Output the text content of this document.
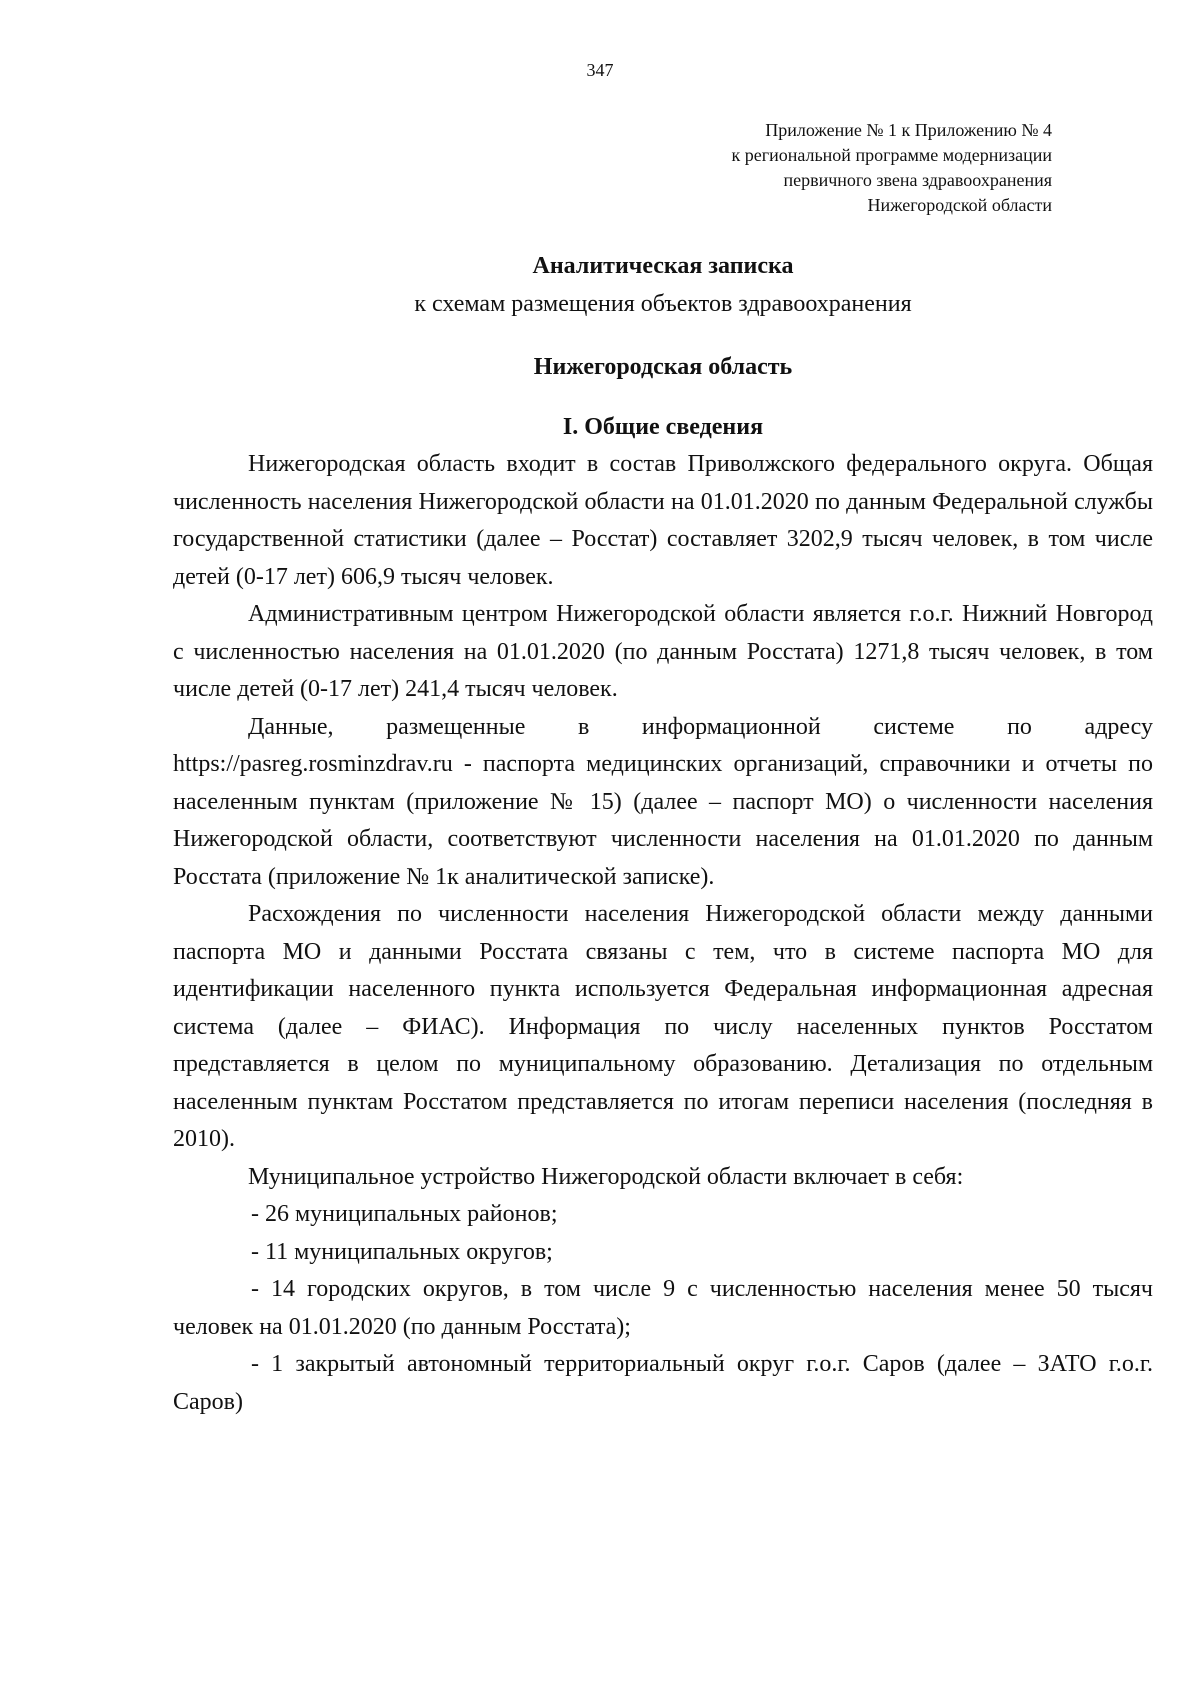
347
Приложение № 1 к Приложению № 4
к региональной программе модернизации
первичного звена здравоохранения
Нижегородской области
Аналитическая записка
к схемам размещения объектов здравоохранения
Нижегородская область
I. Общие сведения

Нижегородская область входит в состав Приволжского федерального округа. Общая численность населения Нижегородской области на 01.01.2020 по данным Федеральной службы государственной статистики (далее – Росстат) составляет 3202,9 тысяч человек, в том числе детей (0-17 лет) 606,9 тысяч человек.

Административным центром Нижегородской области является г.о.г. Нижний Новгород с численностью населения на 01.01.2020 (по данным Росстата) 1271,8 тысяч человек, в том числе детей (0-17 лет) 241,4 тысяч человек.

Данные, размещенные в информационной системе по адресу https://pasreg.rosminzdrav.ru - паспорта медицинских организаций, справочники и отчеты по населенным пунктам (приложение № 15) (далее – паспорт МО) о численности населения Нижегородской области, соответствуют численности населения на 01.01.2020 по данным Росстата (приложение № 1к аналитической записке).

Расхождения по численности населения Нижегородской области между данными паспорта МО и данными Росстата связаны с тем, что в системе паспорта МО для идентификации населенного пункта используется Федеральная информационная адресная система (далее – ФИАС). Информация по числу населенных пунктов Росстатом представляется в целом по муниципальному образованию. Детализация по отдельным населенным пунктам Росстатом представляется по итогам переписи населения (последняя в 2010).

Муниципальное устройство Нижегородской области включает в себя:

- 26 муниципальных районов;

- 11 муниципальных округов;

- 14 городских округов, в том числе 9 с численностью населения менее 50 тысяч человек на 01.01.2020 (по данным Росстата);

- 1 закрытый автономный территориальный округ г.о.г. Саров (далее – ЗАТО г.о.г. Саров)
